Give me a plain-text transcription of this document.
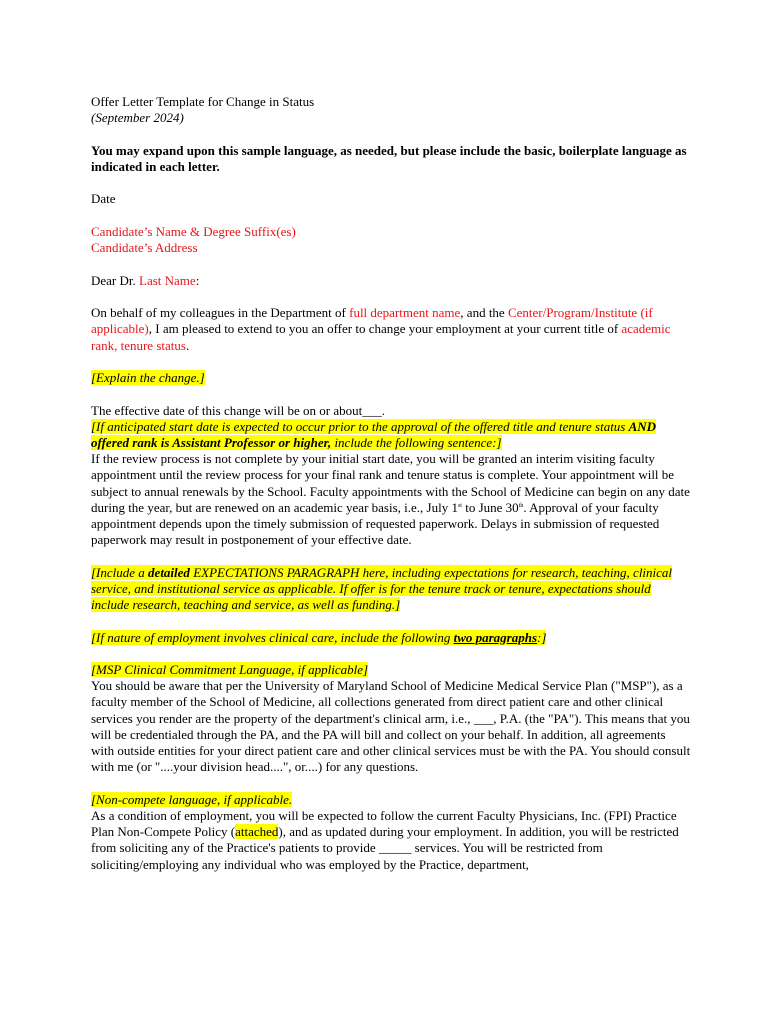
Offer Letter Template for Change in Status
(September 2024)

You may expand upon this sample language, as needed, but please include the basic, boilerplate language as indicated in each letter.

Date

Candidate’s Name & Degree Suffix(es)
Candidate’s Address

Dear Dr. Last Name:

On behalf of my colleagues in the Department of full department name, and the Center/Program/Institute (if applicable), I am pleased to extend to you an offer to change your employment at your current title of academic rank, tenure status.

[Explain the change.]

The effective date of this change will be on or about___.
[If anticipated start date is expected to occur prior to the approval of the offered title and tenure status AND offered rank is Assistant Professor or higher, include the following sentence:]
If the review process is not complete by your initial start date, you will be granted an interim visiting faculty appointment until the review process for your final rank and tenure status is complete. Your appointment will be subject to annual renewals by the School. Faculty appointments with the School of Medicine can begin on any date during the year, but are renewed on an academic year basis, i.e., July 1st to June 30th. Approval of your faculty appointment depends upon the timely submission of requested paperwork. Delays in submission of requested paperwork may result in postponement of your effective date.

[Include a detailed EXPECTATIONS PARAGRAPH here, including expectations for research, teaching, clinical service, and institutional service as applicable. If offer is for the tenure track or tenure, expectations should include research, teaching and service, as well as funding.]

[If nature of employment involves clinical care, include the following two paragraphs:]

[MSP Clinical Commitment Language, if applicable]
You should be aware that per the University of Maryland School of Medicine Medical Service Plan ("MSP"), as a faculty member of the School of Medicine, all collections generated from direct patient care and other clinical services you render are the property of the department's clinical arm, i.e., ___, P.A. (the "PA"). This means that you will be credentialed through the PA, and the PA will bill and collect on your behalf. In addition, all agreements with outside entities for your direct patient care and other clinical services must be with the PA. You should consult with me (or "....your division head....", or....) for any questions.

[Non-compete language, if applicable.
As a condition of employment, you will be expected to follow the current Faculty Physicians, Inc. (FPI) Practice Plan Non-Compete Policy (attached), and as updated during your employment. In addition, you will be restricted from soliciting any of the Practice's patients to provide _____ services. You will be restricted from soliciting/employing any individual who was employed by the Practice, department,
